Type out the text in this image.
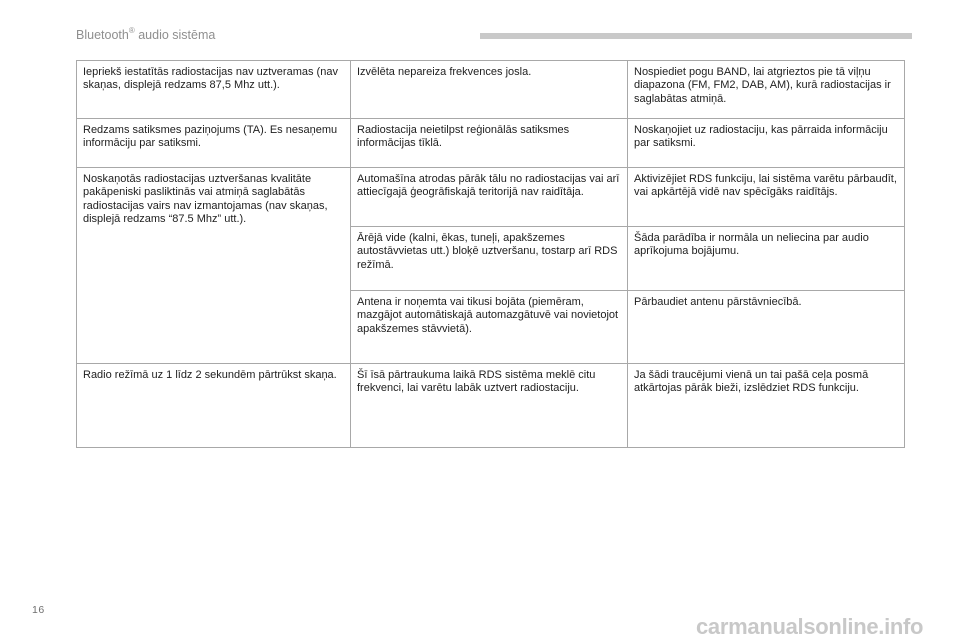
Bluetooth® audio sistēma
Iepriekš iestatītās radiostacijas nav uztveramas (nav skaņas, displejā redzams 87,5 Mhz utt.).	Izvēlēta nepareiza frekvences josla.	Nospiediet pogu BAND, lai atgrieztos pie tā viļņu diapazona (FM, FM2, DAB, AM), kurā radiostacijas ir saglabātas atmiņā.

Redzams satiksmes paziņojums (TA). Es nesaņemu informāciju par satiksmi.	Radiostacija neietilpst reģionālās satiksmes informācijas tīklā.	Noskaņojiet uz radiostaciju, kas pārraida informāciju par satiksmi.

Noskaņotās radiostacijas uztveršanas kvalitāte pakāpeniski pasliktinās vai atmiņā saglabātās radiostacijas vairs nav izmantojamas (nav skaņas, displejā redzams “87.5 Mhz” utt.).	Automašīna atrodas pārāk tālu no radiostacijas vai arī attiecīgajā ģeogrāfiskajā teritorijā nav raidītāja.	Aktivizējiet RDS funkciju, lai sistēma varētu pārbaudīt, vai apkārtējā vidē nav spēcīgāks raidītājs.

	Ārējā vide (kalni, ēkas, tuneļi, apakšzemes autostāvvietas utt.) bloķē uztveršanu, tostarp arī RDS režīmā.	Šāda parādība ir normāla un neliecina par audio aprīkojuma bojājumu.

	Antena ir noņemta vai tikusi bojāta (piemēram, mazgājot automātiskajā automazgātuvē vai novietojot apakšzemes stāvvietā).	Pārbaudiet antenu pārstāvniecībā.

Radio režīmā uz 1 līdz 2 sekundēm pārtrūkst skaņa.	Šī īsā pārtraukuma laikā RDS sistēma meklē citu frekvenci, lai varētu labāk uztvert radiostaciju.	Ja šādi traucējumi vienā un tai pašā ceļa posmā atkārtojas pārāk bieži, izslēdziet RDS funkciju.
16
carmanualsonline.info
